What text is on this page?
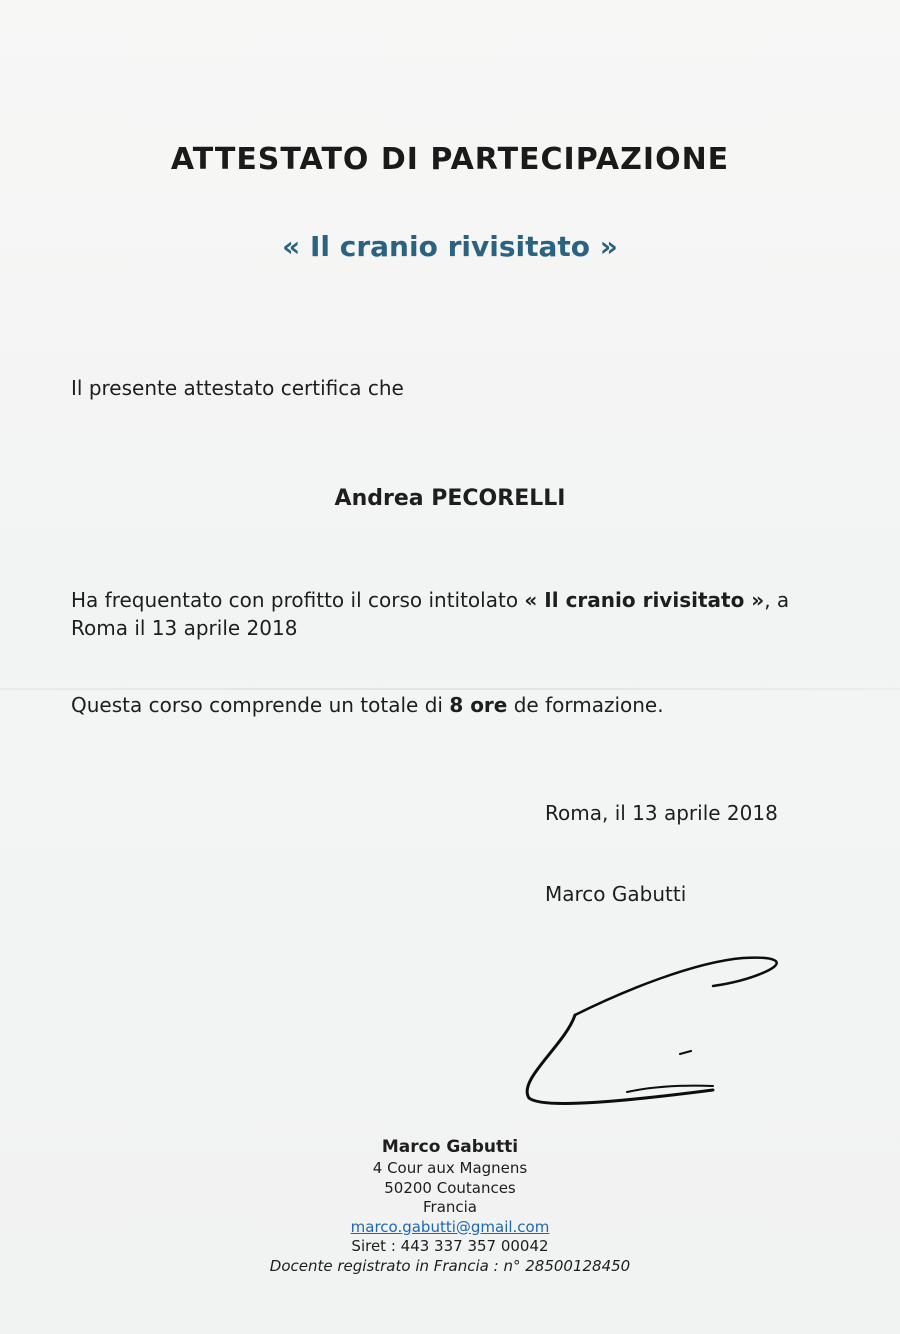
ATTESTATO DI PARTECIPAZIONE
« Il cranio rivisitato »
Il presente attestato certifica che
Andrea PECORELLI
Ha frequentato con profitto il corso intitolato « Il cranio rivisitato », a
Roma il 13 aprile 2018
Questa corso comprende un totale di 8 ore de formazione.
Roma, il 13 aprile 2018
Marco Gabutti
Marco Gabutti
4 Cour aux Magnens
50200 Coutances
Francia
marco.gabutti@gmail.com
Siret : 443 337 357 00042
Docente registrato in Francia : n° 28500128450
